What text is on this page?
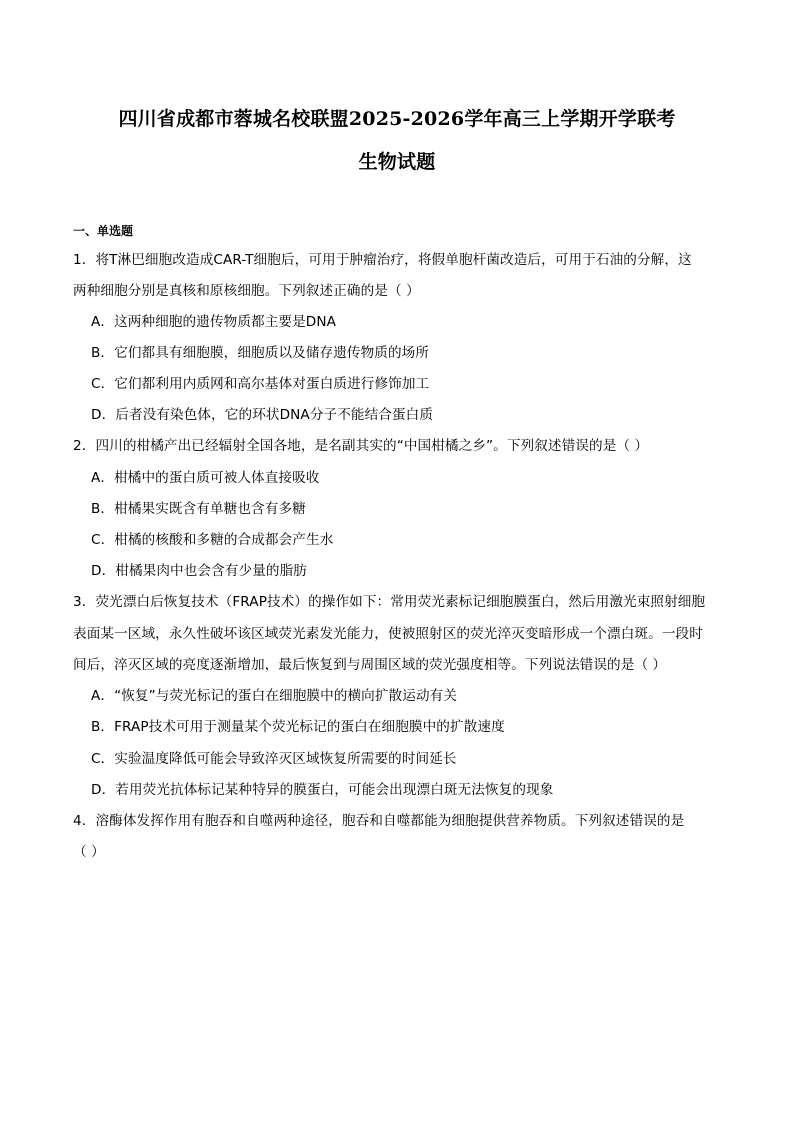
四川省成都市蓉城名校联盟2025-2026学年高三上学期开学联考
生物试题
一、单选题
1．将T淋巴细胞改造成CAR-T细胞后，可用于肿瘤治疗，将假单胞杆菌改造后，可用于石油的分解，这
两种细胞分别是真核和原核细胞。下列叙述正确的是（ ）
A．这两种细胞的遗传物质都主要是DNA
B．它们都具有细胞膜，细胞质以及储存遗传物质的场所
C．它们都利用内质网和高尔基体对蛋白质进行修饰加工
D．后者没有染色体，它的环状DNA分子不能结合蛋白质
2．四川的柑橘产出已经辐射全国各地，是名副其实的“中国柑橘之乡”。下列叙述错误的是（ ）
A．柑橘中的蛋白质可被人体直接吸收
B．柑橘果实既含有单糖也含有多糖
C．柑橘的核酸和多糖的合成都会产生水
D．柑橘果肉中也会含有少量的脂肪
3．荧光漂白后恢复技术（FRAP技术）的操作如下：常用荧光素标记细胞膜蛋白，然后用激光束照射细胞
表面某一区域，永久性破坏该区域荧光素发光能力，使被照射区的荧光淬灭变暗形成一个漂白斑。一段时
间后，淬灭区域的亮度逐渐增加，最后恢复到与周围区域的荧光强度相等。下列说法错误的是（ ）
A．“恢复”与荧光标记的蛋白在细胞膜中的横向扩散运动有关
B．FRAP技术可用于测量某个荧光标记的蛋白在细胞膜中的扩散速度
C．实验温度降低可能会导致淬灭区域恢复所需要的时间延长
D．若用荧光抗体标记某种特异的膜蛋白，可能会出现漂白斑无法恢复的现象
4．溶酶体发挥作用有胞吞和自噬两种途径，胞吞和自噬都能为细胞提供营养物质。下列叙述错误的是
（ ）
